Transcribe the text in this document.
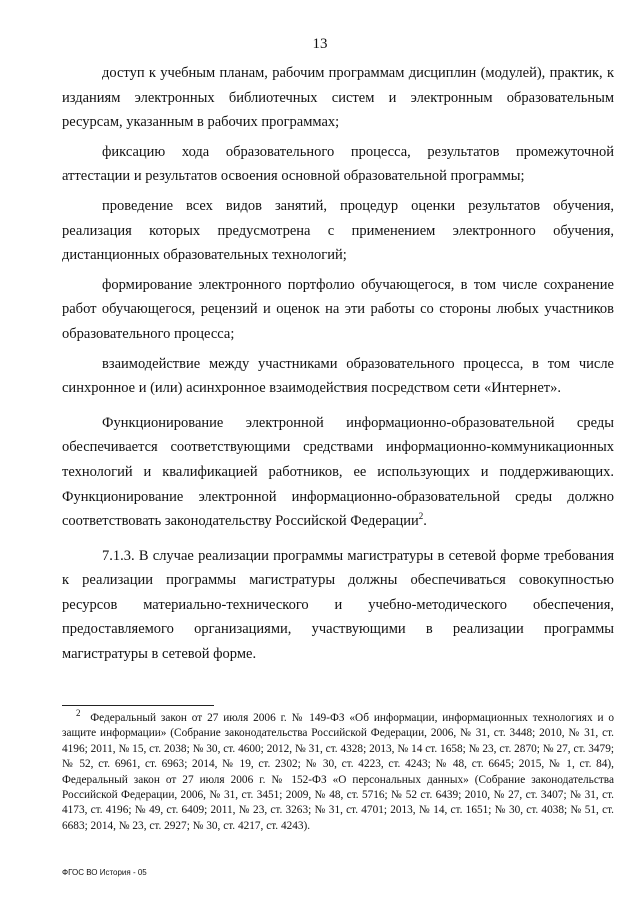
13

доступ к учебным планам, рабочим программам дисциплин (модулей), практик, к изданиям электронных библиотечных систем и электронным образовательным ресурсам, указанным в рабочих программах;

фиксацию хода образовательного процесса, результатов промежуточной аттестации и результатов освоения основной образовательной программы;

проведение всех видов занятий, процедур оценки результатов обучения, реализация которых предусмотрена с применением электронного обучения, дистанционных образовательных технологий;

формирование электронного портфолио обучающегося, в том числе сохранение работ обучающегося, рецензий и оценок на эти работы со стороны любых участников образовательного процесса;

взаимодействие между участниками образовательного процесса, в том числе синхронное и (или) асинхронное взаимодействия посредством сети «Интернет».

Функционирование электронной информационно-образовательной среды обеспечивается соответствующими средствами информационно-коммуникационных технологий и квалификацией работников, ее использующих и поддерживающих. Функционирование электронной информационно-образовательной среды должно соответствовать законодательству Российской Федерации$^2$.

7.1.3. В случае реализации программы магистратуры в сетевой форме требования к реализации программы магистратуры должны обеспечиваться совокупностью ресурсов материально-технического и учебно-методического обеспечения, предоставляемого организациями, участвующими в реализации программы магистратуры в сетевой форме.

$^2$ Федеральный закон от 27 июля 2006 г. № 149-ФЗ «Об информации, информационных технологиях и о защите информации» (Собрание законодательства Российской Федерации, 2006, № 31, ст. 3448; 2010, № 31, ст. 4196; 2011, № 15, ст. 2038; № 30, ст. 4600; 2012, № 31, ст. 4328; 2013, № 14 ст. 1658; № 23, ст. 2870; № 27, ст. 3479; № 52, ст. 6961, ст. 6963; 2014, № 19, ст. 2302; № 30, ст. 4223, ст. 4243; № 48, ст. 6645; 2015, № 1, ст. 84), Федеральный закон от 27 июля 2006 г. № 152-ФЗ «О персональных данных» (Собрание законодательства Российской Федерации, 2006, № 31, ст. 3451; 2009, № 48, ст. 5716; № 52 ст. 6439; 2010, № 27, ст. 3407; № 31, ст. 4173, ст. 4196; № 49, ст. 6409; 2011, № 23, ст. 3263; № 31, ст. 4701; 2013, № 14, ст. 1651; № 30, ст. 4038; № 51, ст. 6683; 2014, № 23, ст. 2927; № 30, ст. 4217, ст. 4243).

ФГОС ВО История - 05
